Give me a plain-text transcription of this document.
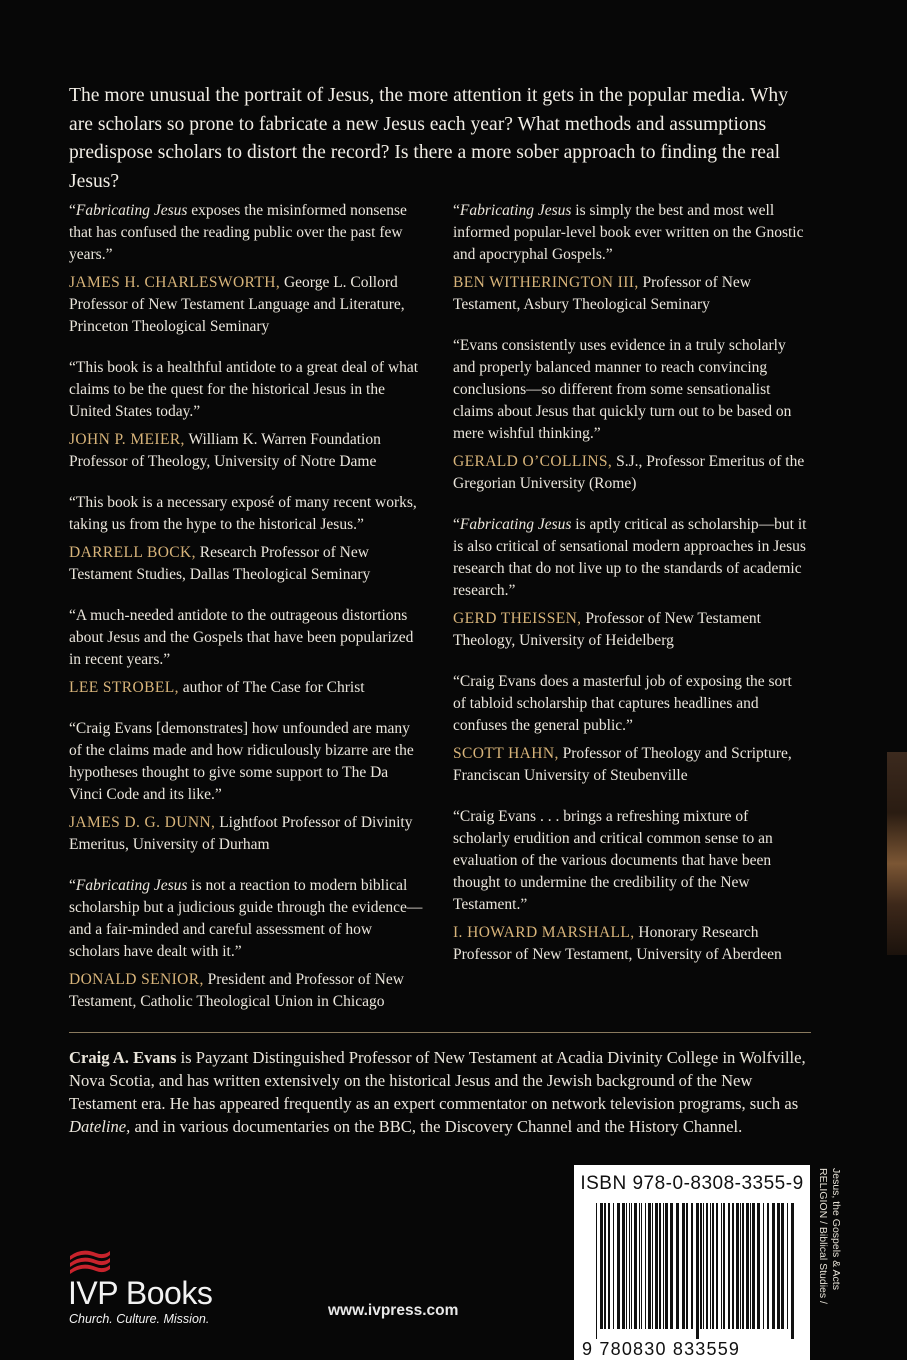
The more unusual the portrait of Jesus, the more attention it gets in the popular media. Why are scholars so prone to fabricate a new Jesus each year? What methods and assumptions predispose scholars to distort the record? Is there a more sober approach to finding the real Jesus?

“Fabricating Jesus exposes the misinformed nonsense that has confused the reading public over the past few years.”

JAMES H. CHARLESWORTH, George L. Collord Professor of New Testament Language and Literature, Princeton Theological Seminary

“This book is a healthful antidote to a great deal of what claims to be the quest for the historical Jesus in the United States today.”

JOHN P. MEIER, William K. Warren Foundation Professor of Theology, University of Notre Dame

“This book is a necessary exposé of many recent works, taking us from the hype to the historical Jesus.”

DARRELL BOCK, Research Professor of New Testament Studies, Dallas Theological Seminary

“A much-needed antidote to the outrageous distortions about Jesus and the Gospels that have been popularized in recent years.”

LEE STROBEL, author of The Case for Christ

“Craig Evans [demonstrates] how unfounded are many of the claims made and how ridiculously bizarre are the hypotheses thought to give some support to The Da Vinci Code and its like.”

JAMES D. G. DUNN, Lightfoot Professor of Divinity Emeritus, University of Durham

“Fabricating Jesus is not a reaction to modern biblical scholarship but a judicious guide through the evidence—and a fair-minded and careful assessment of how scholars have dealt with it.”

DONALD SENIOR, President and Professor of New Testament, Catholic Theological Union in Chicago

“Fabricating Jesus is simply the best and most well informed popular-level book ever written on the Gnostic and apocryphal Gospels.”

BEN WITHERINGTON III, Professor of New Testament, Asbury Theological Seminary

“Evans consistently uses evidence in a truly scholarly and properly balanced manner to reach convincing conclusions—so different from some sensationalist claims about Jesus that quickly turn out to be based on mere wishful thinking.”

GERALD O’COLLINS, S.J., Professor Emeritus of the Gregorian University (Rome)

“Fabricating Jesus is aptly critical as scholarship—but it is also critical of sensational modern approaches in Jesus research that do not live up to the standards of academic research.”

GERD THEISSEN, Professor of New Testament Theology, University of Heidelberg

“Craig Evans does a masterful job of exposing the sort of tabloid scholarship that captures headlines and confuses the general public.”

SCOTT HAHN, Professor of Theology and Scripture, Franciscan University of Steubenville

“Craig Evans . . . brings a refreshing mixture of scholarly erudition and critical common sense to an evaluation of the various documents that have been thought to undermine the credibility of the New Testament.”

I. HOWARD MARSHALL, Honorary Research Professor of New Testament, University of Aberdeen

Craig A. Evans is Payzant Distinguished Professor of New Testament at Acadia Divinity College in Wolfville, Nova Scotia, and has written extensively on the historical Jesus and the Jewish background of the New Testament era. He has appeared frequently as an expert commentator on network television programs, such as Dateline, and in various documentaries on the BBC, the Discovery Channel and the History Channel.
ISBN 978-0-8308-3355-9
9 780830 833559
RELIGION / Biblical Studies / Jesus, the Gospels & Acts
IVP Books
Church. Culture. Mission.	www.ivpress.com
